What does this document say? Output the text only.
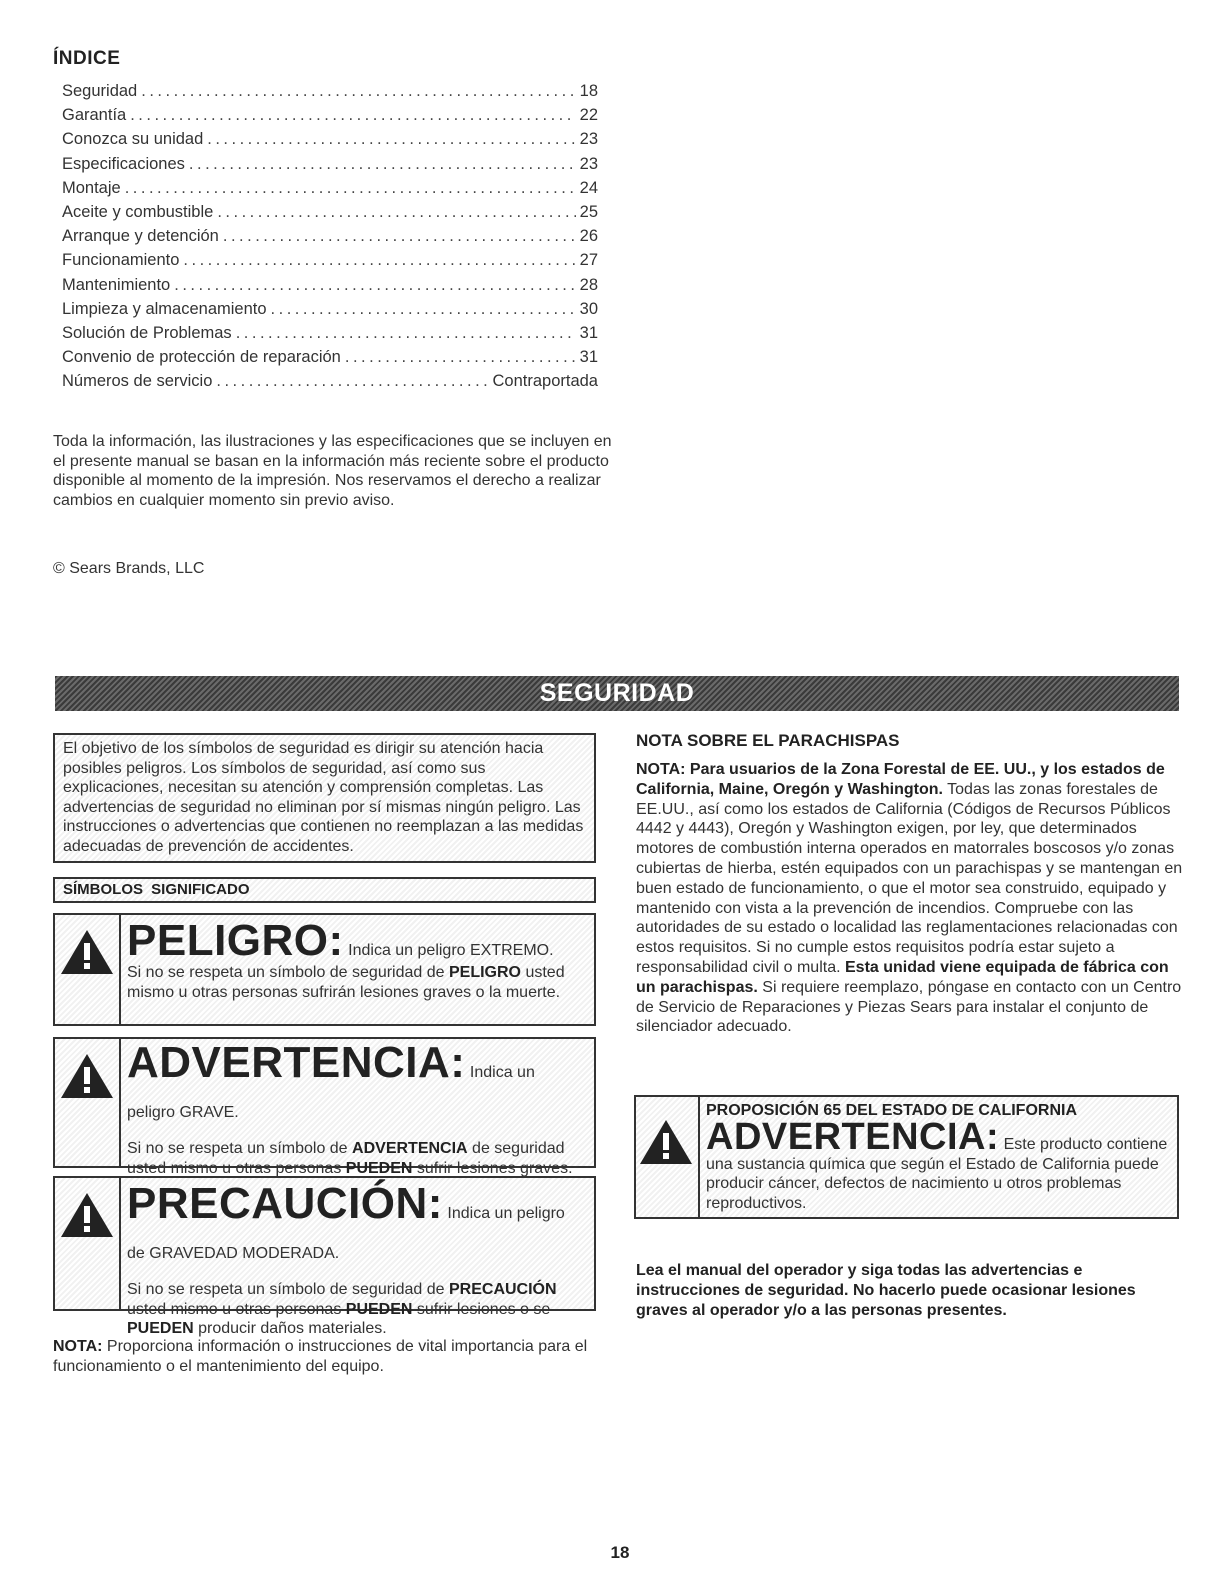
ÍNDICE
Seguridad .....	18
Garantía .....	22
Conozca su unidad .....	23
Especificaciones .....	23
Montaje .....	24
Aceite y combustible .....	25
Arranque y detención .....	26
Funcionamiento .....	27
Mantenimiento .....	28
Limpieza y almacenamiento .....	30
Solución de Problemas .....	31
Convenio de protección de reparación .....	31
Números de servicio .....	Contraportada
Toda la información, las ilustraciones y las especificaciones que se incluyen en el presente manual se basan en la información más reciente sobre el producto disponible al momento de la impresión. Nos reservamos el derecho a realizar cambios en cualquier momento sin previo aviso.
© Sears Brands, LLC
SEGURIDAD
El objetivo de los símbolos de seguridad es dirigir su atención hacia posibles peligros. Los símbolos de seguridad, así como sus explicaciones, necesitan su atención y comprensión completas. Las advertencias de seguridad no eliminan por sí mismas ningún peligro. Las instrucciones o advertencias que contienen no reemplazan a las medidas adecuadas de prevención de accidentes.
SÍMBOLOS SIGNIFICADO
PELIGRO: Indica un peligro EXTREMO.
Si no se respeta un símbolo de seguridad de PELIGRO usted mismo u otras personas sufrirán lesiones graves o la muerte.
ADVERTENCIA: Indica un peligro GRAVE.
Si no se respeta un símbolo de ADVERTENCIA de seguridad usted mismo u otras personas PUEDEN sufrir lesiones graves.
PRECAUCIÓN: Indica un peligro de GRAVEDAD MODERADA.
Si no se respeta un símbolo de seguridad de PRECAUCIÓN usted mismo u otras personas PUEDEN sufrir lesiones o se PUEDEN producir daños materiales.
NOTA: Proporciona información o instrucciones de vital importancia para el funcionamiento o el mantenimiento del equipo.
NOTA SOBRE EL PARACHISPAS
NOTA: Para usuarios de la Zona Forestal de EE. UU., y los estados de California, Maine, Oregón y Washington. Todas las zonas forestales de EE.UU., así como los estados de California (Códigos de Recursos Públicos 4442 y 4443), Oregón y Washington exigen, por ley, que determinados motores de combustión interna operados en matorrales boscosos y/o zonas cubiertas de hierba, estén equipados con un parachispas y se mantengan en buen estado de funcionamiento, o que el motor sea construido, equipado y mantenido con vista a la prevención de incendios. Compruebe con las autoridades de su estado o localidad las reglamentaciones relacionadas con estos requisitos. Si no cumple estos requisitos podría estar sujeto a responsabilidad civil o multa. Esta unidad viene equipada de fábrica con un parachispas. Si requiere reemplazo, póngase en contacto con un Centro de Servicio de Reparaciones y Piezas Sears para instalar el conjunto de silenciador adecuado.
PROPOSICIÓN 65 DEL ESTADO DE CALIFORNIA
ADVERTENCIA: Este producto contiene una sustancia química que según el Estado de California puede producir cáncer, defectos de nacimiento u otros problemas reproductivos.
Lea el manual del operador y siga todas las advertencias e instrucciones de seguridad. No hacerlo puede ocasionar lesiones graves al operador y/o a las personas presentes.
18
